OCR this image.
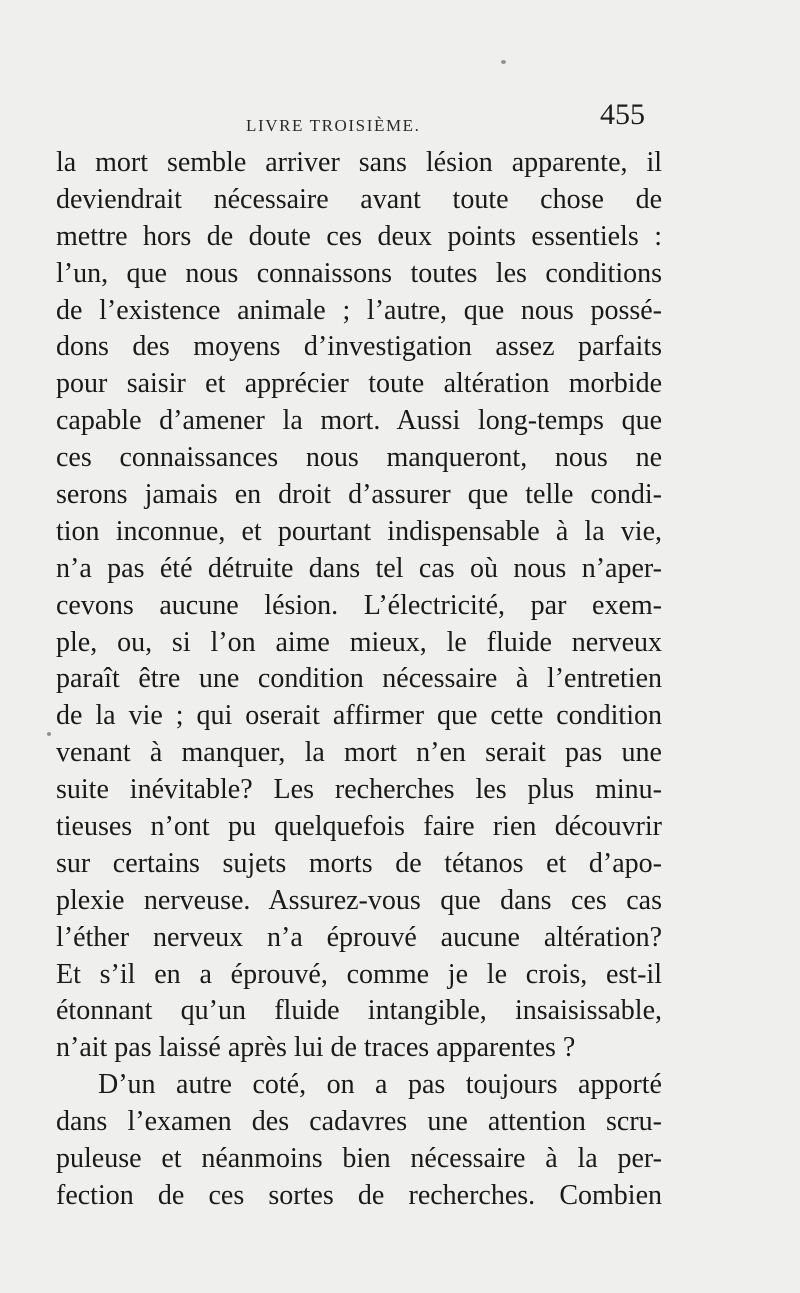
LIVRE TROISIÈME.	455
la mort semble arriver sans lésion apparente, il
deviendrait nécessaire avant toute chose de
mettre hors de doute ces deux points essentiels :
l’un, que nous connaissons toutes les conditions
de l’existence animale ; l’autre, que nous possé-
dons des moyens d’investigation assez parfaits
pour saisir et apprécier toute altération morbide
capable d’amener la mort. Aussi long-temps que
ces connaissances nous manqueront, nous ne
serons jamais en droit d’assurer que telle condi-
tion inconnue, et pourtant indispensable à la vie,
n’a pas été détruite dans tel cas où nous n’aper-
cevons aucune lésion. L’électricité, par exem-
ple, ou, si l’on aime mieux, le fluide nerveux
paraît être une condition nécessaire à l’entretien
de la vie ; qui oserait affirmer que cette condition
venant à manquer, la mort n’en serait pas une
suite inévitable? Les recherches les plus minu-
tieuses n’ont pu quelquefois faire rien découvrir
sur certains sujets morts de tétanos et d’apo-
plexie nerveuse. Assurez-vous que dans ces cas
l’éther nerveux n’a éprouvé aucune altération?
Et s’il en a éprouvé, comme je le crois, est-il
étonnant qu’un fluide intangible, insaisissable,
n’ait pas laissé après lui de traces apparentes ?
D’un autre coté, on a pas toujours apporté
dans l’examen des cadavres une attention scru-
puleuse et néanmoins bien nécessaire à la per-
fection de ces sortes de recherches. Combien
